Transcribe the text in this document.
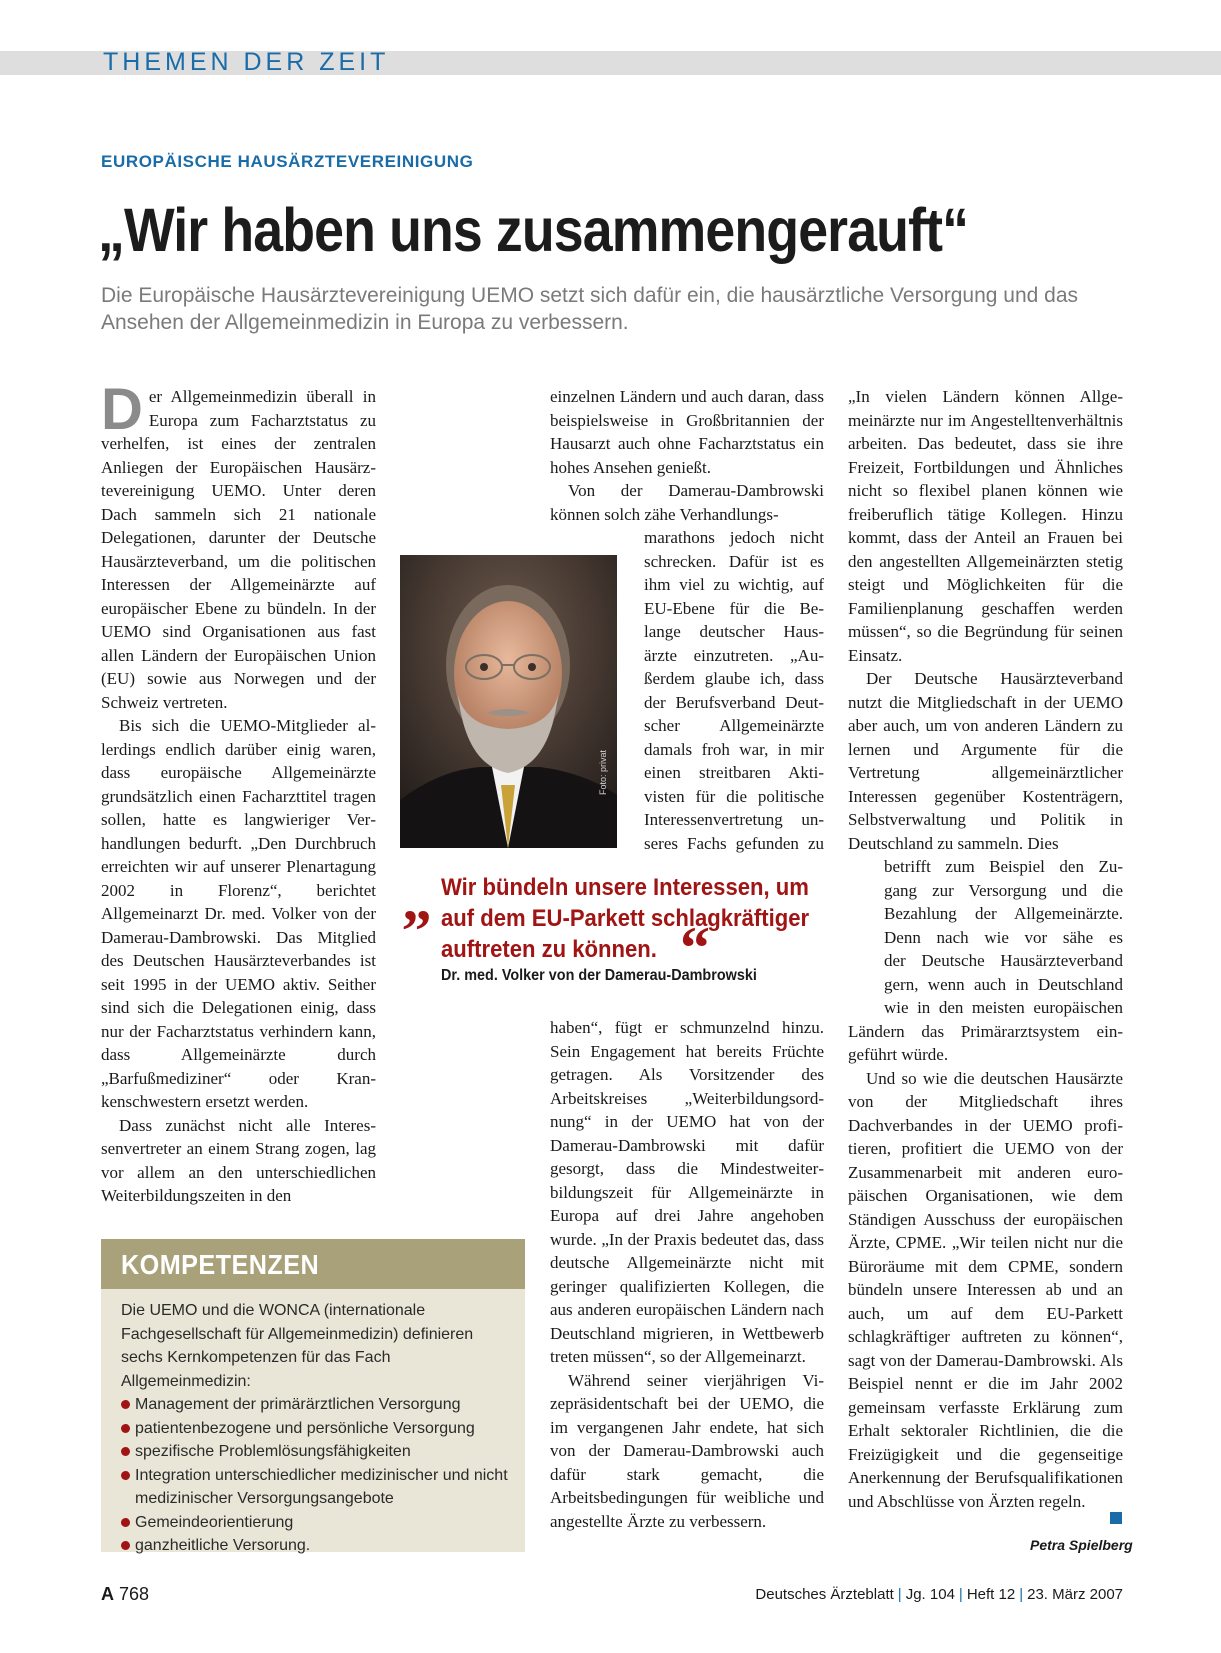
THEMEN DER ZEIT
EUROPÄISCHE HAUSÄRZTEVEREINIGUNG
„Wir haben uns zusammengerauft“
Die Europäische Hausärztevereinigung UEMO setzt sich dafür ein, die hausärztliche Versorgung und das Ansehen der Allgemeinmedizin in Europa zu verbessern.

Der Allgemeinmedizin überall in Europa zum Facharztstatus zu verhelfen, ist eines der zentralen Anliegen der Europäischen Hausärztevereinigung UEMO. Unter deren Dach sammeln sich 21 nationale Delegationen, darunter der Deutsche Hausärzteverband, um die politischen Interessen der Allgemeinärzte auf europäischer Ebene zu bündeln. In der UEMO sind Organisationen aus fast allen Ländern der Europäischen Union (EU) sowie aus Norwegen und der Schweiz vertreten.

Bis sich die UEMO-Mitglieder allerdings endlich darüber einig waren, dass europäische Allgemeinärzte grundsätzlich einen Facharzttitel tragen sollen, hatte es langwieriger Verhandlungen bedurft. „Den Durchbruch erreichten wir auf unserer Plenartagung 2002 in Florenz“, berichtet Allgemeinarzt Dr. med. Volker von der Damerau-Dambrowski. Das Mitglied des Deutschen Hausärzteverbandes ist seit 1995 in der UEMO aktiv. Seither sind sich die Delegationen einig, dass nur der Facharztstatus verhindern kann, dass Allgemeinärzte durch „Barfußmediziner“ oder Krankenschwestern ersetzt werden.

Dass zunächst nicht alle Interessenvertreter an einem Strang zogen, lag vor allem an den unterschiedlichen Weiterbildungszeiten in den

einzelnen Ländern und auch daran, dass beispielsweise in Großbritannien der Hausarzt auch ohne Facharztstatus ein hohes Ansehen genießt.

Von der Damerau-Dambrowski können solch zähe Verhandlungs-

marathons jedoch nicht
schrecken. Dafür ist es
ihm viel zu wichtig, auf
EU-Ebene für die Be-
lange deutscher Haus-
ärzte einzutreten. „Au-
ßerdem glaube ich, dass
der Berufsverband Deut-
scher Allgemeinärzte
damals froh war, in mir
einen streitbaren Akti-
visten für die politische
Interessenvertretung un-
seres Fachs gefunden zu
Foto: privat
„ Wir bündeln unsere Interessen, um
auf dem EU-Parkett schlagkräftiger
auftreten zu können. “
Dr. med. Volker von der Damerau-Dambrowski

haben“, fügt er schmunzelnd hinzu. Sein Engagement hat bereits Früchte getragen. Als Vorsitzender des Arbeitskreises „Weiterbildungsordnung“ in der UEMO hat von der Damerau-Dambrowski mit dafür gesorgt, dass die Mindestweiterbildungszeit für Allgemeinärzte in Europa auf drei Jahre angehoben wurde. „In der Praxis bedeutet das, dass deutsche Allgemeinärzte nicht mit geringer qualifizierten Kollegen, die aus anderen europäischen Ländern nach Deutschland migrieren, in Wettbewerb treten müssen“, so der Allgemeinarzt.

Während seiner vierjährigen Vizepräsidentschaft bei der UEMO, die im vergangenen Jahr endete, hat sich von der Damerau-Dambrowski auch dafür stark gemacht, die Arbeitsbedingungen für weibliche und angestellte Ärzte zu verbessern.

„In vielen Ländern können Allgemeinärzte nur im Angestelltenverhältnis arbeiten. Das bedeutet, dass sie ihre Freizeit, Fortbildungen und Ähnliches nicht so flexibel planen können wie freiberuflich tätige Kollegen. Hinzu kommt, dass der Anteil an Frauen bei den angestellten Allgemeinärzten stetig steigt und Möglichkeiten für die Familienplanung geschaffen werden müssen“, so die Begründung für seinen Einsatz.

Der Deutsche Hausärzteverband nutzt die Mitgliedschaft in der UEMO aber auch, um von anderen Ländern zu lernen und Argumente für die Vertretung allgemeinärztlicher Interessen gegenüber Kostenträgern, Selbstverwaltung und Politik in Deutschland zu sammeln. Dies

betrifft zum Beispiel den Zu-
gang zur Versorgung und die
Bezahlung der Allgemeinärzte.
Denn nach wie vor sähe es
der Deutsche Hausärzteverband
gern, wenn auch in Deutschland
wie in den meisten europäischen

Ländern das Primärarztsystem eingeführt würde.

Und so wie die deutschen Hausärzte von der Mitgliedschaft ihres Dachverbandes in der UEMO profitieren, profitiert die UEMO von der Zusammenarbeit mit anderen europäischen Organisationen, wie dem Ständigen Ausschuss der europäischen Ärzte, CPME. „Wir teilen nicht nur die Büroräume mit dem CPME, sondern bündeln unsere Interessen ab und an auch, um auf dem EU-Parkett schlagkräftiger auftreten zu können“, sagt von der Damerau-Dambrowski. Als Beispiel nennt er die im Jahr 2002 gemeinsam verfasste Erklärung zum Erhalt sektoraler Richtlinien, die die Freizügigkeit und die gegenseitige Anerkennung der Berufsqualifikationen und Abschlüsse von Ärzten regeln.

Petra Spielberg
KOMPETENZEN

Die UEMO und die WONCA (internationale Fachgesellschaft für Allgemeinmedizin) definieren sechs Kernkompetenzen für das Fach Allgemeinmedizin:

Management der primärärztlichen Versorgung
patientenbezogene und persönliche Versorgung
spezifische Problemlösungsfähigkeiten
Integration unterschiedlicher medizinischer und nicht medizinischer Versorgungsangebote
Gemeindeorientierung
ganzheitliche Versorung.
A 768	Deutsches Ärzteblatt | Jg. 104 | Heft 12 | 23. März 2007
